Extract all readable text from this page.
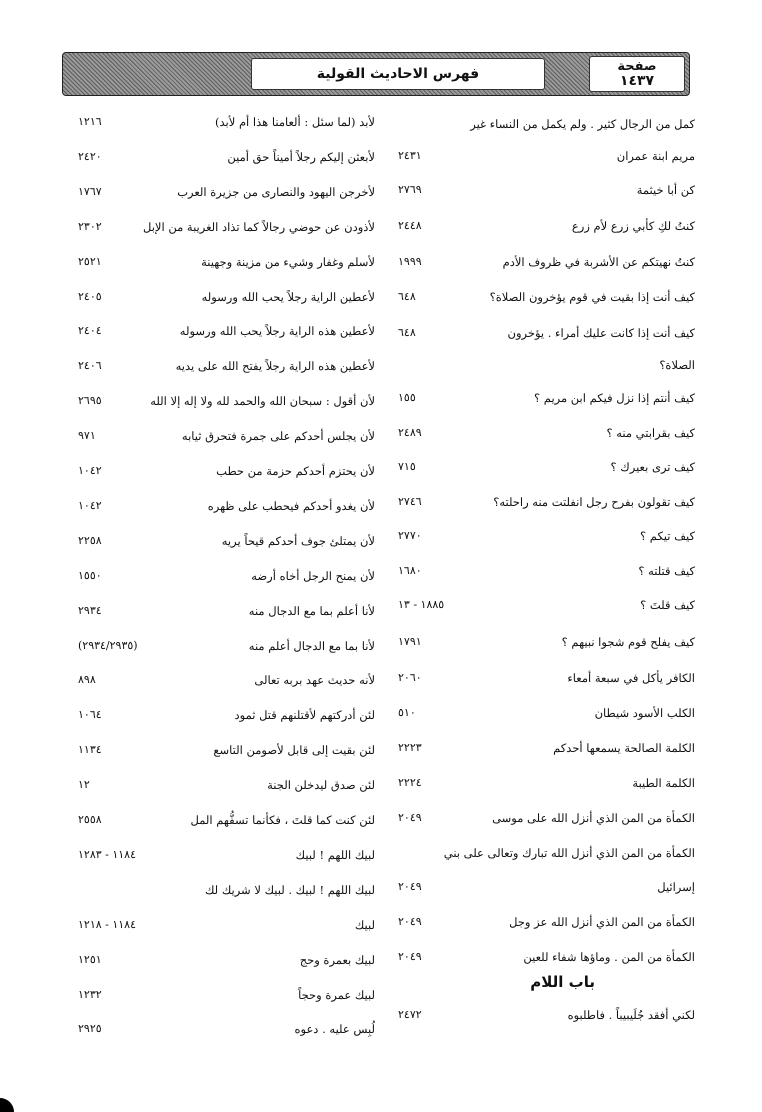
فهرس الاحاديث القولية	صفحة
١٤٣٧
لأبد (لما سئل : ألعامنا هذا أم لأبد)
١٢١٦
لأبعثن إليكم رجلاً أميناً حق أمين
٢٤٢٠
لأخرجن اليهود والنصارى من جزيرة العرب
١٧٦٧
لأذودن عن حوضي رجالاً كما تذاد الغريبة من الإبل
٢٣٠٢
لأسلم وغفار وشيء من مزينة وجهينة
٢٥٢١
لأعطين الراية رجلاً يحب الله ورسوله
٢٤٠٥
لأعطين هذه الراية رجلاً يحب الله ورسوله
٢٤٠٤
لأعطين هذه الراية رجلاً يفتح الله على يديه
٢٤٠٦
لأن أقول : سبحان الله والحمد لله ولا إله إلا الله
٢٦٩٥
لأن يجلس أحدكم على جمرة فتحرق ثيابه
٩٧١
لأن يحتزم أحدكم حزمة من حطب
١٠٤٢
لأن يغدو أحدكم فيحطب على ظهره
١٠٤٢
لأن يمتلئ جوف أحدكم قيحاً يريه
٢٢٥٨
لأن يمنح الرجل أخاه أرضه
١٥٥٠
لأنا أعلم بما مع الدجال منه
٢٩٣٤
لأنا بما مع الدجال أعلم منه
(٢٩٣٤/٢٩٣٥)
لأنه حديث عهد بربه تعالى
٨٩٨
لئن أدركتهم لأقتلنهم قتل ثمود
١٠٦٤
لئن بقيت إلى قابل لأصومن التاسع
١١٣٤
لئن صدق ليدخلن الجنة
١٢
لئن كنت كما قلتَ ، فكأنما تسفُّهم المل
٢٥٥٨
لبيك اللهم ! لبيك
١١٨٤ - ١٢٨٣
لبيك اللهم ! لبيك . لبيك لا شريك لك
لبيك
١١٨٤ - ١٢١٨
لبيك بعمرة وحج
١٢٥١
لبيك عمرة وحجاً
١٢٣٢
لُبِس عليه . دعوه
٢٩٢٥
كمل من الرجال كثير . ولم يكمل من النساء غير
مريم ابنة عمران
٢٤٣١
كن أبا خيثمة
٢٧٦٩
كنتُ لكِ كأبي زرع لأم زرع
٢٤٤٨
كنتُ نهيتكم عن الأشربة في ظروف الأدم
١٩٩٩
كيف أنت إذا بقيت في قوم يؤخرون الصلاة؟
٦٤٨
كيف أنت إذا كانت عليك أمراء . يؤخرون
٦٤٨
الصلاة؟
كيف أنتم إذا نزل فيكم ابن مريم ؟
١٥٥
كيف بقرابتي منه ؟
٢٤٨٩
كيف ترى بعيرك ؟
٧١٥
كيف تقولون بفرح رجل انفلتت منه راحلته؟
٢٧٤٦
كيف تيكم ؟
٢٧٧٠
كيف قتلته ؟
١٦٨٠
كيف قلتَ ؟
١٨٨٥ - ١٣
كيف يفلح قوم شجوا نبيهم ؟
١٧٩١
الكافر يأكل في سبعة أمعاء
٢٠٦٠
الكلب الأسود شيطان
٥١٠
الكلمة الصالحة يسمعها أحدكم
٢٢٢٣
الكلمة الطيبة
٢٢٢٤
الكمأة من المن الذي أنزل الله على موسى
٢٠٤٩
الكمأة من المن الذي أنزل الله تبارك وتعالى على بني
إسرائيل
٢٠٤٩
الكمأة من المن الذي أنزل الله عز وجل
٢٠٤٩
الكمأة من المن . وماؤها شفاء للعين
٢٠٤٩
لكني أفقد جُلَيبيباً . فاطلبوه
٢٤٧٢
باب اللام
